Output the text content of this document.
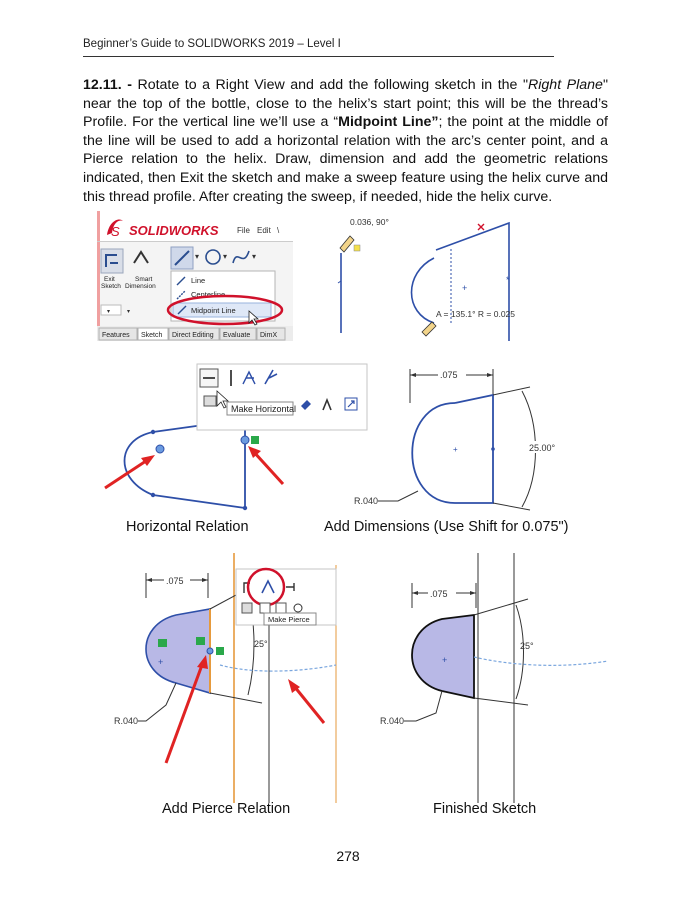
Beginner’s Guide to SOLIDWORKS 2019 – Level I
12.11. - Rotate to a Right View and add the following sketch in the "Right Plane" near the top of the bottle, close to the helix’s start point; this will be the thread’s Profile. For the vertical line we’ll use a “Midpoint Line”; the point at the middle of the line will be used to add a horizontal relation with the arc’s center point, and a Pierce relation to the helix. Draw, dimension and add the geometric relations indicated, then Exit the sketch and make a sweep feature using the helix curve and this thread profile. After creating the sweep, if needed, hide the helix curve.
S SOLIDWORKS File Edit \
Exit
Sketch
Smart
Dimension
▾	▾	▾
Line
Centerline
Midpoint Line
▾	▾
Features Sketch Direct Editing Evaluate DimX
0.036, 90°
+
*
A = 135.1° R = 0.025
Make Horizontal
Horizontal Relation
.075
25.00°
+
R.040
Add Dimensions (Use Shift for 0.075")
.075
+
R.040
25°
Make Pierce
Add Pierce Relation
.075
+
25°
R.040
Finished Sketch
278
